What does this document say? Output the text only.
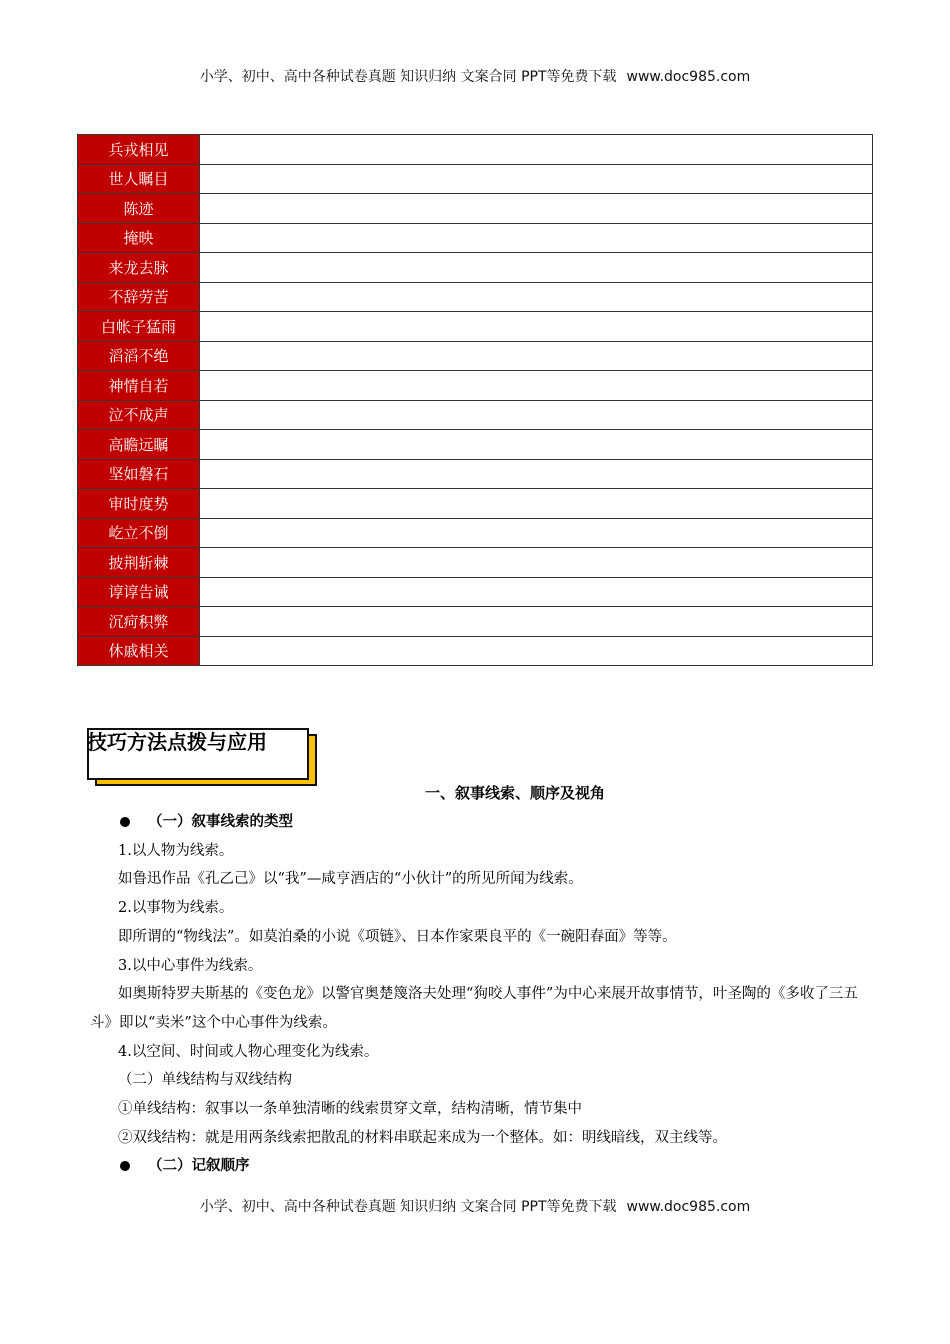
小学、初中、高中各种试卷真题 知识归纳 文案合同 PPT等免费下载 www.doc985.com
兵戎相见	
世人瞩目	
陈迹	
掩映	
来龙去脉	
不辞劳苦	
白帐子猛雨	
滔滔不绝	
神情自若	
泣不成声	
高瞻远瞩	
坚如磐石	
审时度势	
屹立不倒	
披荆斩棘	
谆谆告诫	
沉疴积弊	
休戚相关	
技巧方法点拨与应用
一、叙事线索、顺序及视角

（一）叙事线索的类型

1.以人物为线索。

如鲁迅作品《孔乙己》以“我”—咸亨酒店的“小伙计”的所见所闻为线索。

2.以事物为线索。

即所谓的“物线法”。如莫泊桑的小说《项链》、日本作家栗良平的《一碗阳春面》等等。

3.以中心事件为线索。

如奥斯特罗夫斯基的《变色龙》以警官奥楚篾洛夫处理“狗咬人事件”为中心来展开故事情节，叶圣陶的《多收了三五斗》即以“卖米”这个中心事件为线索。

4.以空间、时间或人物心理变化为线索。

（二）单线结构与双线结构

①单线结构：叙事以一条单独清晰的线索贯穿文章，结构清晰，情节集中

②双线结构：就是用两条线索把散乱的材料串联起来成为一个整体。如：明线暗线，双主线等。

（二）记叙顺序

小学、初中、高中各种试卷真题 知识归纳 文案合同 PPT等免费下载 www.doc985.com
